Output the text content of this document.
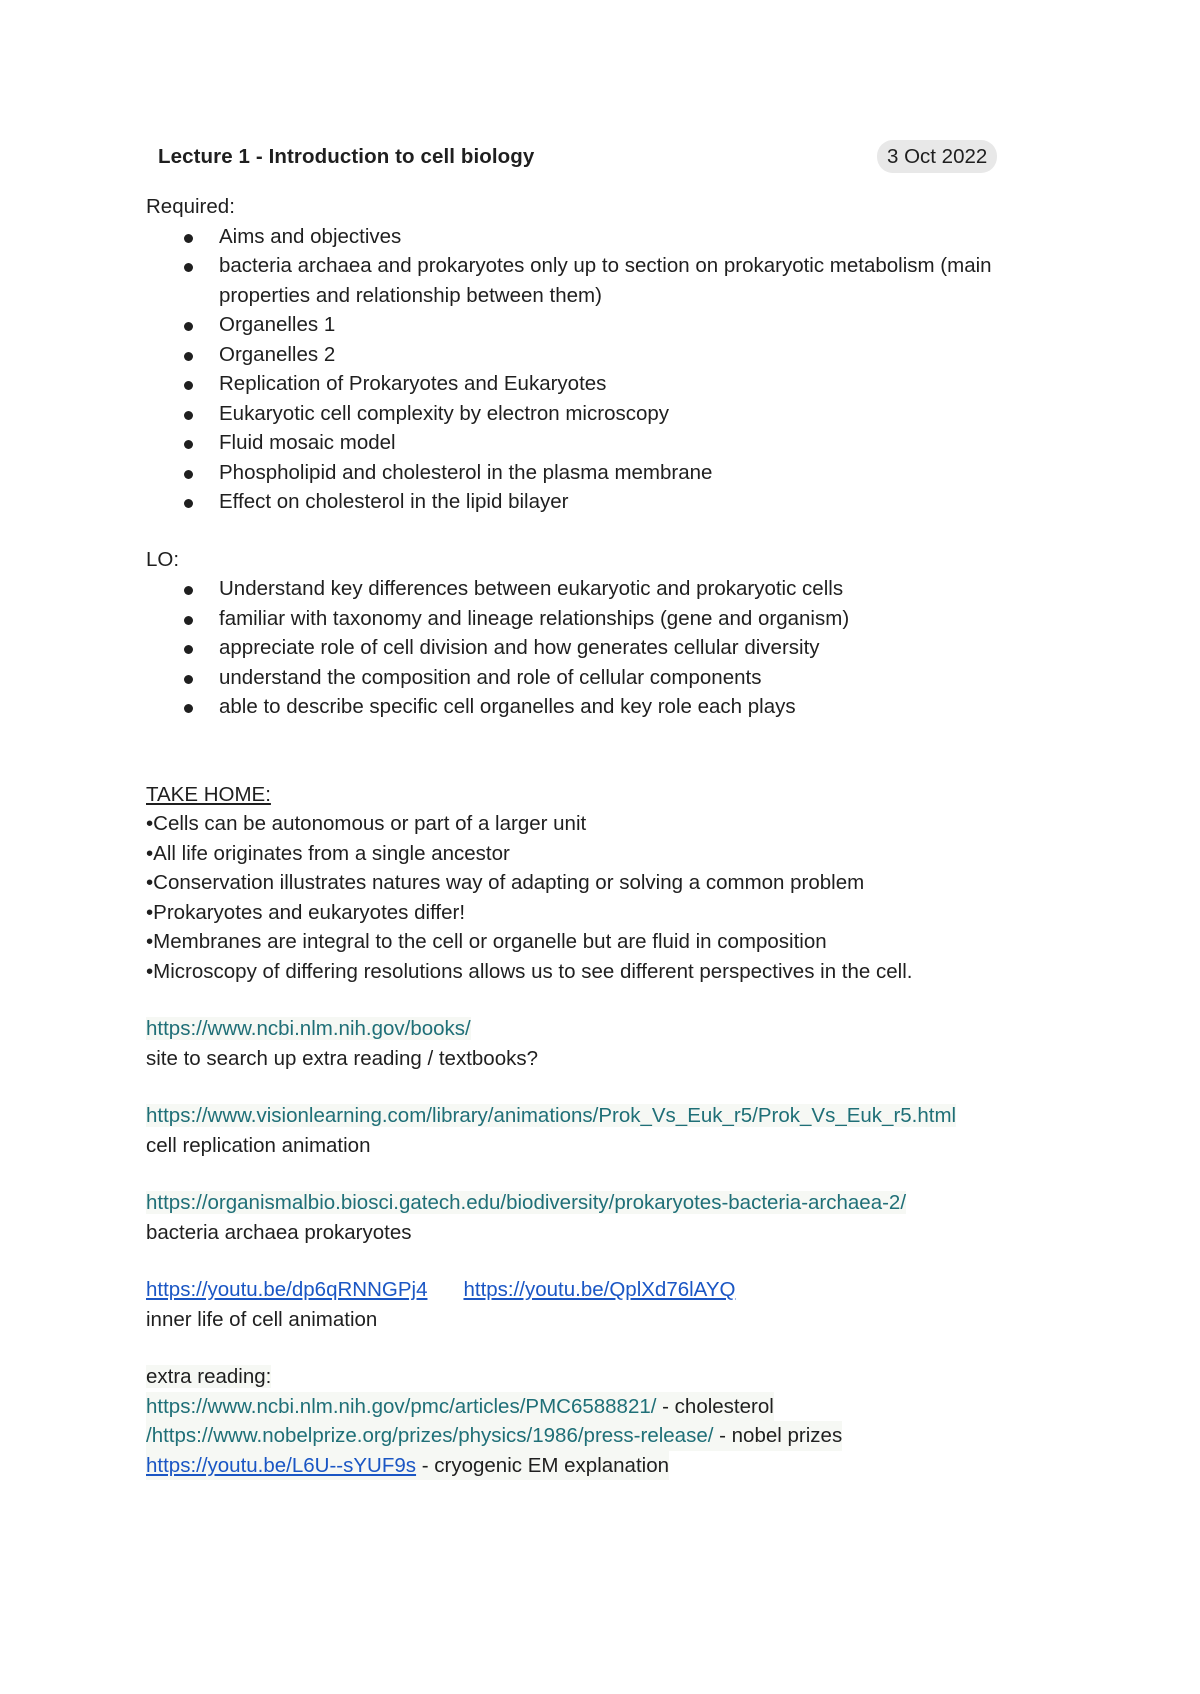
Lecture 1 - Introduction to cell biology	3 Oct 2022
Required:
Aims and objectives
bacteria archaea and prokaryotes only up to section on prokaryotic metabolism (main
properties and relationship between them)
Organelles 1
Organelles 2
Replication of Prokaryotes and Eukaryotes
Eukaryotic cell complexity by electron microscopy
Fluid mosaic model
Phospholipid and cholesterol in the plasma membrane
Effect on cholesterol in the lipid bilayer
LO:
Understand key differences between eukaryotic and prokaryotic cells
familiar with taxonomy and lineage relationships (gene and organism)
appreciate role of cell division and how generates cellular diversity
understand the composition and role of cellular components
able to describe specific cell organelles and key role each plays
TAKE HOME:
•Cells can be autonomous or part of a larger unit
•All life originates from a single ancestor
•Conservation illustrates natures way of adapting or solving a common problem
•Prokaryotes and eukaryotes differ!
•Membranes are integral to the cell or organelle but are fluid in composition
•Microscopy of differing resolutions allows us to see different perspectives in the cell.
https://www.ncbi.nlm.nih.gov/books/
site to search up extra reading / textbooks?
https://www.visionlearning.com/library/animations/Prok_Vs_Euk_r5/Prok_Vs_Euk_r5.html
cell replication animation
https://organismalbio.biosci.gatech.edu/biodiversity/prokaryotes-bacteria-archaea-2/
bacteria archaea prokaryotes
https://youtu.be/dp6qRNNGPj4 https://youtu.be/QplXd76lAYQ
inner life of cell animation
extra reading:
https://www.ncbi.nlm.nih.gov/pmc/articles/PMC6588821/ - cholesterol
/https://www.nobelprize.org/prizes/physics/1986/press-release/ - nobel prizes
https://youtu.be/L6U--sYUF9s - cryogenic EM explanation
